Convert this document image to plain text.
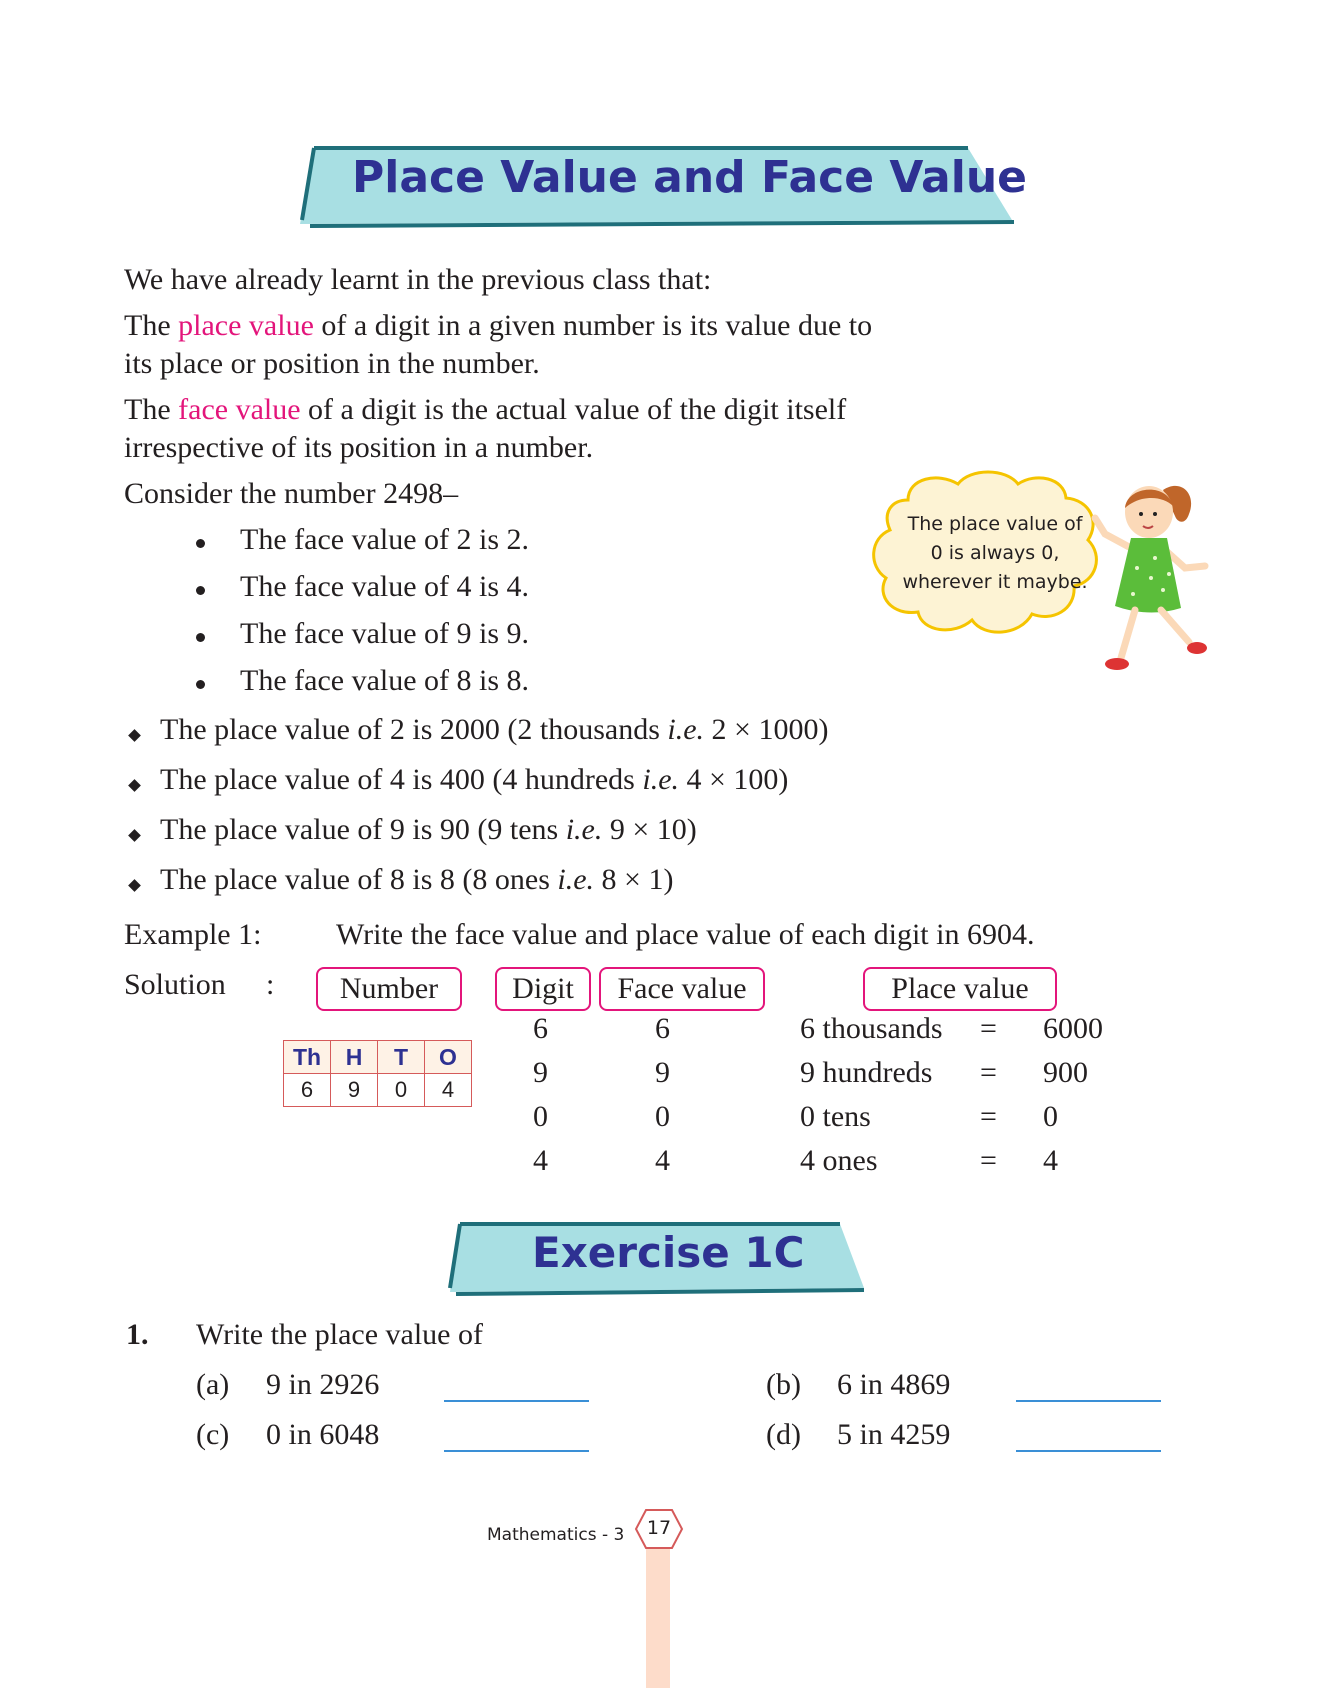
Place Value and Face Value
We have already learnt in the previous class that:
The place value of a digit in a given number is its value due to its place or position in the number.
The face value of a digit is the actual value of the digit itself irrespective of its position in a number.
Consider the number 2498–
The face value of 2 is 2.
The face value of 4 is 4.
The face value of 9 is 9.
The face value of 8 is 8.
The place value of 2 is 2000 (2 thousands i.e. 2 × 1000)
The place value of 4 is 400 (4 hundreds i.e. 4 × 100)
The place value of 9 is 90 (9 tens i.e. 9 × 10)
The place value of 8 is 8 (8 ones i.e. 8 × 1)
The place value of
0 is always 0,
wherever it maybe.
Example 1: Write the face value and place value of each digit in 6904.
Solution :	Number	Digit	Face value	Place value
Th	H	T	O
6	9	0	4
6	6	6 thousands = 6000
9	9	9 hundreds = 900
0	0	0 tens	= 0
4	4	4 ones	= 4
Exercise 1C
1. Write the place value of
(a) 9 in 2926	(b) 6 in 4869
(c) 0 in 6048	(d) 5 in 4259
Mathematics - 3	17
